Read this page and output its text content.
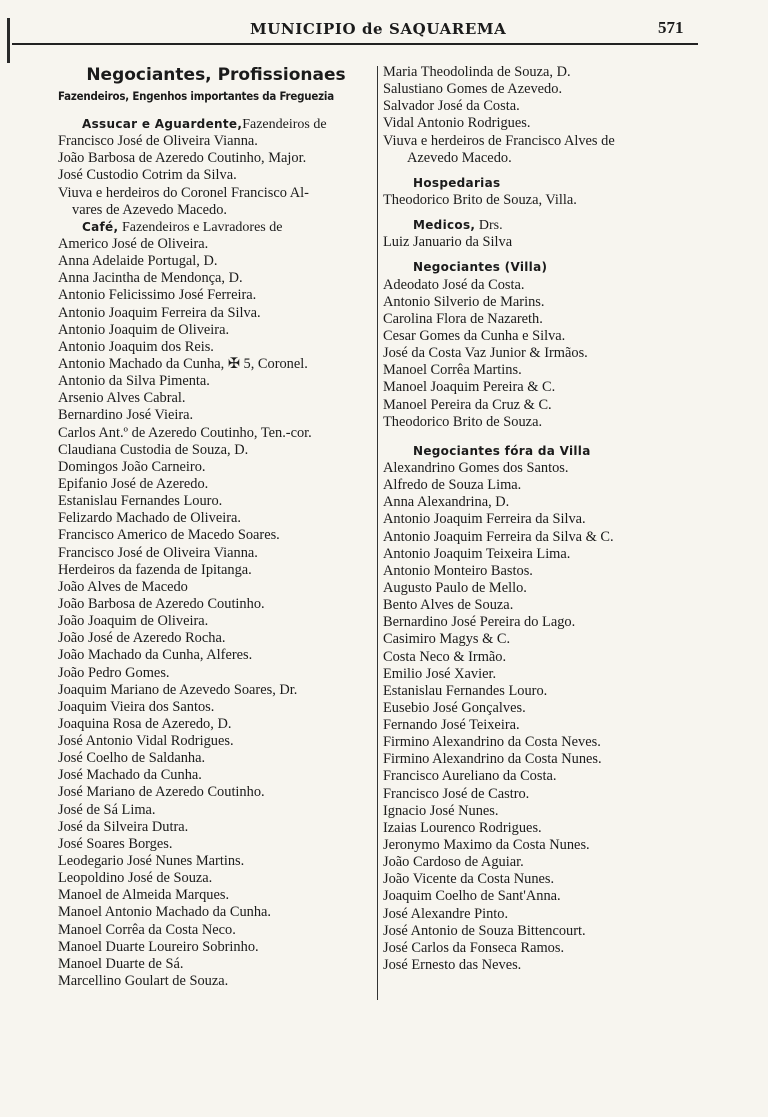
MUNICIPIO de SAQUAREMA	571
Negociantes, Profissionaes
Fazendeiros, Engenhos importantes da Freguezia
Assucar e Aguardente,Fazendeiros de
Francisco José de Oliveira Vianna.
João Barbosa de Azeredo Coutinho, Major.
José Custodio Cotrim da Silva.
Viuva e herdeiros do Coronel Francisco Al-
vares de Azevedo Macedo.
Café, Fazendeiros e Lavradores de
Americo José de Oliveira.
Anna Adelaide Portugal, D.
Anna Jacintha de Mendonça, D.
Antonio Felicissimo José Ferreira.
Antonio Joaquim Ferreira da Silva.
Antonio Joaquim de Oliveira.
Antonio Joaquim dos Reis.
Antonio Machado da Cunha, ✠ 5, Coronel.
Antonio da Silva Pimenta.
Arsenio Alves Cabral.
Bernardino José Vieira.
Carlos Ant.º de Azeredo Coutinho, Ten.-cor.
Claudiana Custodia de Souza, D.
Domingos João Carneiro.
Epifanio José de Azeredo.
Estanislau Fernandes Louro.
Felizardo Machado de Oliveira.
Francisco Americo de Macedo Soares.
Francisco José de Oliveira Vianna.
Herdeiros da fazenda de Ipitanga.
João Alves de Macedo
João Barbosa de Azeredo Coutinho.
João Joaquim de Oliveira.
João José de Azeredo Rocha.
João Machado da Cunha, Alferes.
João Pedro Gomes.
Joaquim Mariano de Azevedo Soares, Dr.
Joaquim Vieira dos Santos.
Joaquina Rosa de Azeredo, D.
José Antonio Vidal Rodrigues.
José Coelho de Saldanha.
José Machado da Cunha.
José Mariano de Azeredo Coutinho.
José de Sá Lima.
José da Silveira Dutra.
José Soares Borges.
Leodegario José Nunes Martins.
Leopoldino José de Souza.
Manoel de Almeida Marques.
Manoel Antonio Machado da Cunha.
Manoel Corrêa da Costa Neco.
Manoel Duarte Loureiro Sobrinho.
Manoel Duarte de Sá.
Marcellino Goulart de Souza.
Maria Theodolinda de Souza, D.
Salustiano Gomes de Azevedo.
Salvador José da Costa.
Vidal Antonio Rodrigues.
Viuva e herdeiros de Francisco Alves de
Azevedo Macedo.
Hospedarias
Theodorico Brito de Souza, Villa.
Medicos, Drs.
Luiz Januario da Silva
Negociantes (Villa)
Adeodato José da Costa.
Antonio Silverio de Marins.
Carolina Flora de Nazareth.
Cesar Gomes da Cunha e Silva.
José da Costa Vaz Junior & Irmãos.
Manoel Corrêa Martins.
Manoel Joaquim Pereira & C.
Manoel Pereira da Cruz & C.
Theodorico Brito de Souza.
Negociantes fóra da Villa
Alexandrino Gomes dos Santos.
Alfredo de Souza Lima.
Anna Alexandrina, D.
Antonio Joaquim Ferreira da Silva.
Antonio Joaquim Ferreira da Silva & C.
Antonio Joaquim Teixeira Lima.
Antonio Monteiro Bastos.
Augusto Paulo de Mello.
Bento Alves de Souza.
Bernardino José Pereira do Lago.
Casimiro Magys & C.
Costa Neco & Irmão.
Emilio José Xavier.
Estanislau Fernandes Louro.
Eusebio José Gonçalves.
Fernando José Teixeira.
Firmino Alexandrino da Costa Neves.
Firmino Alexandrino da Costa Nunes.
Francisco Aureliano da Costa.
Francisco José de Castro.
Ignacio José Nunes.
Izaias Lourenco Rodrigues.
Jeronymo Maximo da Costa Nunes.
João Cardoso de Aguiar.
João Vicente da Costa Nunes.
Joaquim Coelho de Sant'Anna.
José Alexandre Pinto.
José Antonio de Souza Bittencourt.
José Carlos da Fonseca Ramos.
José Ernesto das Neves.
